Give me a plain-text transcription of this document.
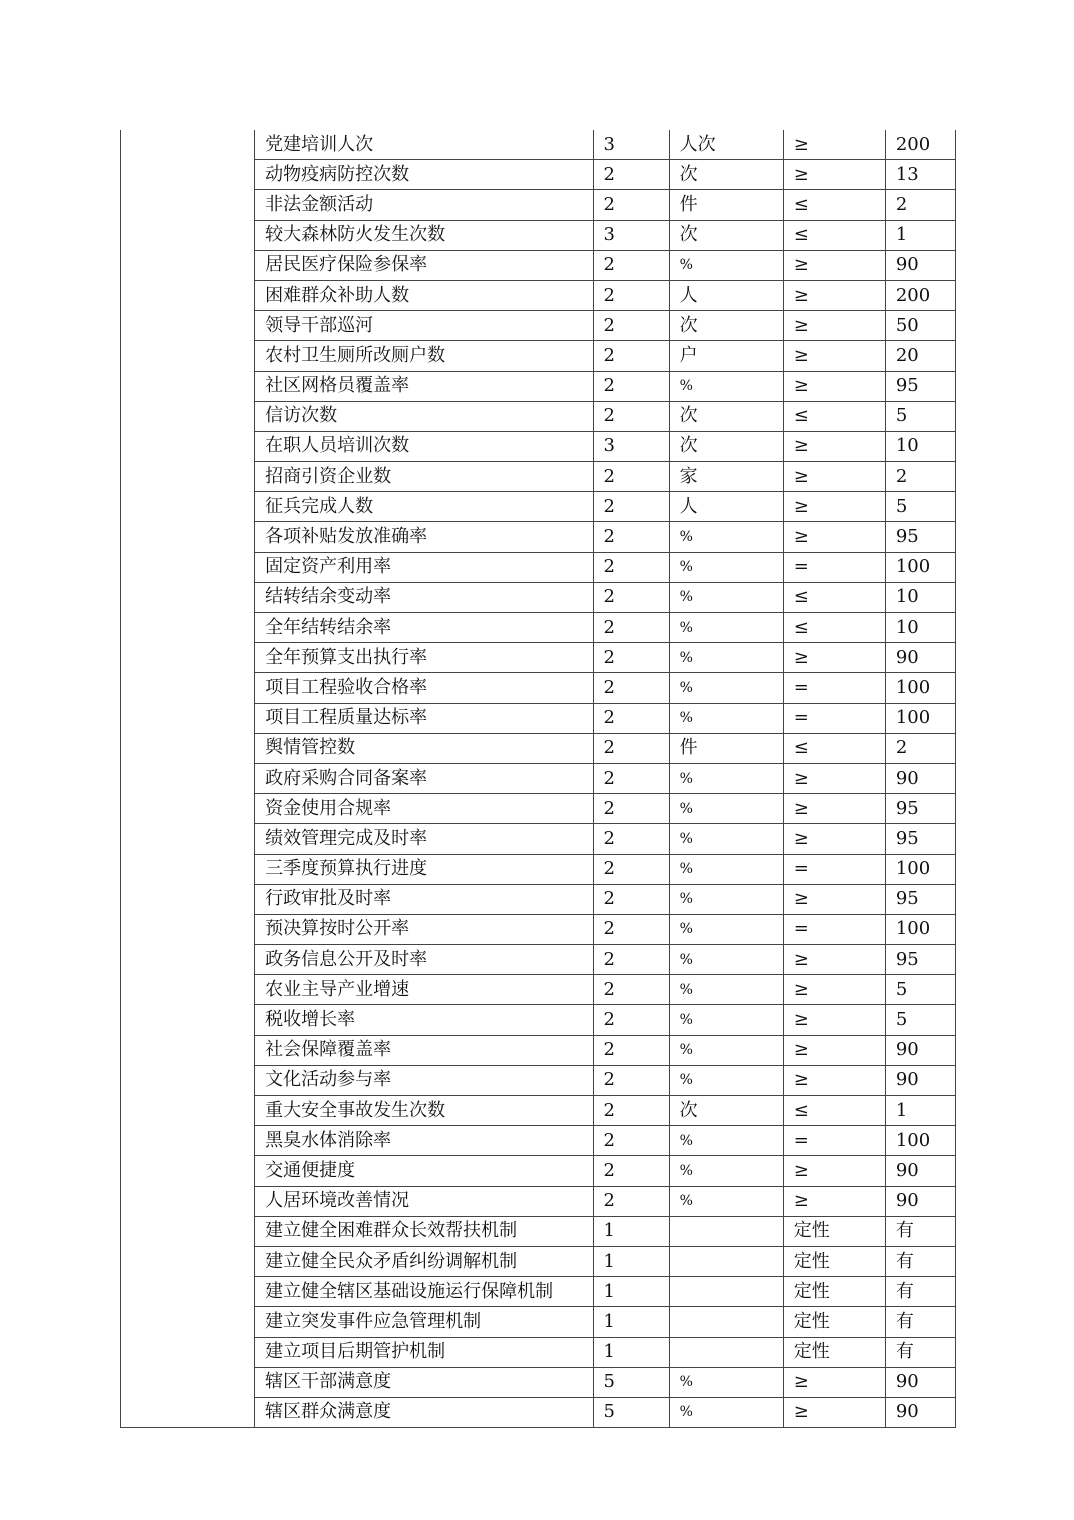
	党建培训人次	3	人次	≥	200
	动物疫病防控次数	2	次	≥	13
	非法金额活动	2	件	≤	2
	较大森林防火发生次数	3	次	≤	1
	居民医疗保险参保率	2	%	≥	90
	困难群众补助人数	2	人	≥	200
	领导干部巡河	2	次	≥	50
	农村卫生厕所改厕户数	2	户	≥	20
	社区网格员覆盖率	2	%	≥	95
	信访次数	2	次	≤	5
	在职人员培训次数	3	次	≥	10
	招商引资企业数	2	家	≥	2
	征兵完成人数	2	人	≥	5
	各项补贴发放准确率	2	%	≥	95
	固定资产利用率	2	%	=	100
	结转结余变动率	2	%	≤	10
	全年结转结余率	2	%	≤	10
	全年预算支出执行率	2	%	≥	90
	项目工程验收合格率	2	%	=	100
	项目工程质量达标率	2	%	=	100
	舆情管控数	2	件	≤	2
	政府采购合同备案率	2	%	≥	90
	资金使用合规率	2	%	≥	95
	绩效管理完成及时率	2	%	≥	95
	三季度预算执行进度	2	%	=	100
	行政审批及时率	2	%	≥	95
	预决算按时公开率	2	%	=	100
	政务信息公开及时率	2	%	≥	95
	农业主导产业增速	2	%	≥	5
	税收增长率	2	%	≥	5
	社会保障覆盖率	2	%	≥	90
	文化活动参与率	2	%	≥	90
	重大安全事故发生次数	2	次	≤	1
	黑臭水体消除率	2	%	=	100
	交通便捷度	2	%	≥	90
	人居环境改善情况	2	%	≥	90
	建立健全困难群众长效帮扶机制	1		定性	有
	建立健全民众矛盾纠纷调解机制	1		定性	有
	建立健全辖区基础设施运行保障机制	1		定性	有
	建立突发事件应急管理机制	1		定性	有
	建立项目后期管护机制	1		定性	有
	辖区干部满意度	5	%	≥	90
	辖区群众满意度	5	%	≥	90
